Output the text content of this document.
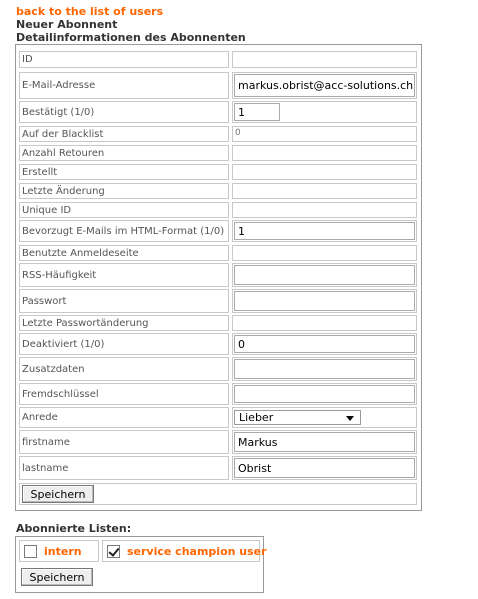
back to the list of users
Neuer Abonnent
Detailinformationen des Abonnenten
ID
E-Mail-Adresse	markus.obrist@acc-solutions.ch
Bestätigt (1/0)	1
Auf der Blacklist	0
Anzahl Retouren
Erstellt
Letzte Änderung
Unique ID
Bevorzugt E-Mails im HTML-Format (1/0)	1
Benutzte Anmeldeseite
RSS-Häufigkeit
Passwort
Letzte Passwortänderung
Deaktiviert (1/0)	0
Zusatzdaten
Fremdschlüssel
Anrede	Lieber
firstname	Markus
lastname	Obrist
Speichern
Abonnierte Listen:
intern	service champion user
Speichern
